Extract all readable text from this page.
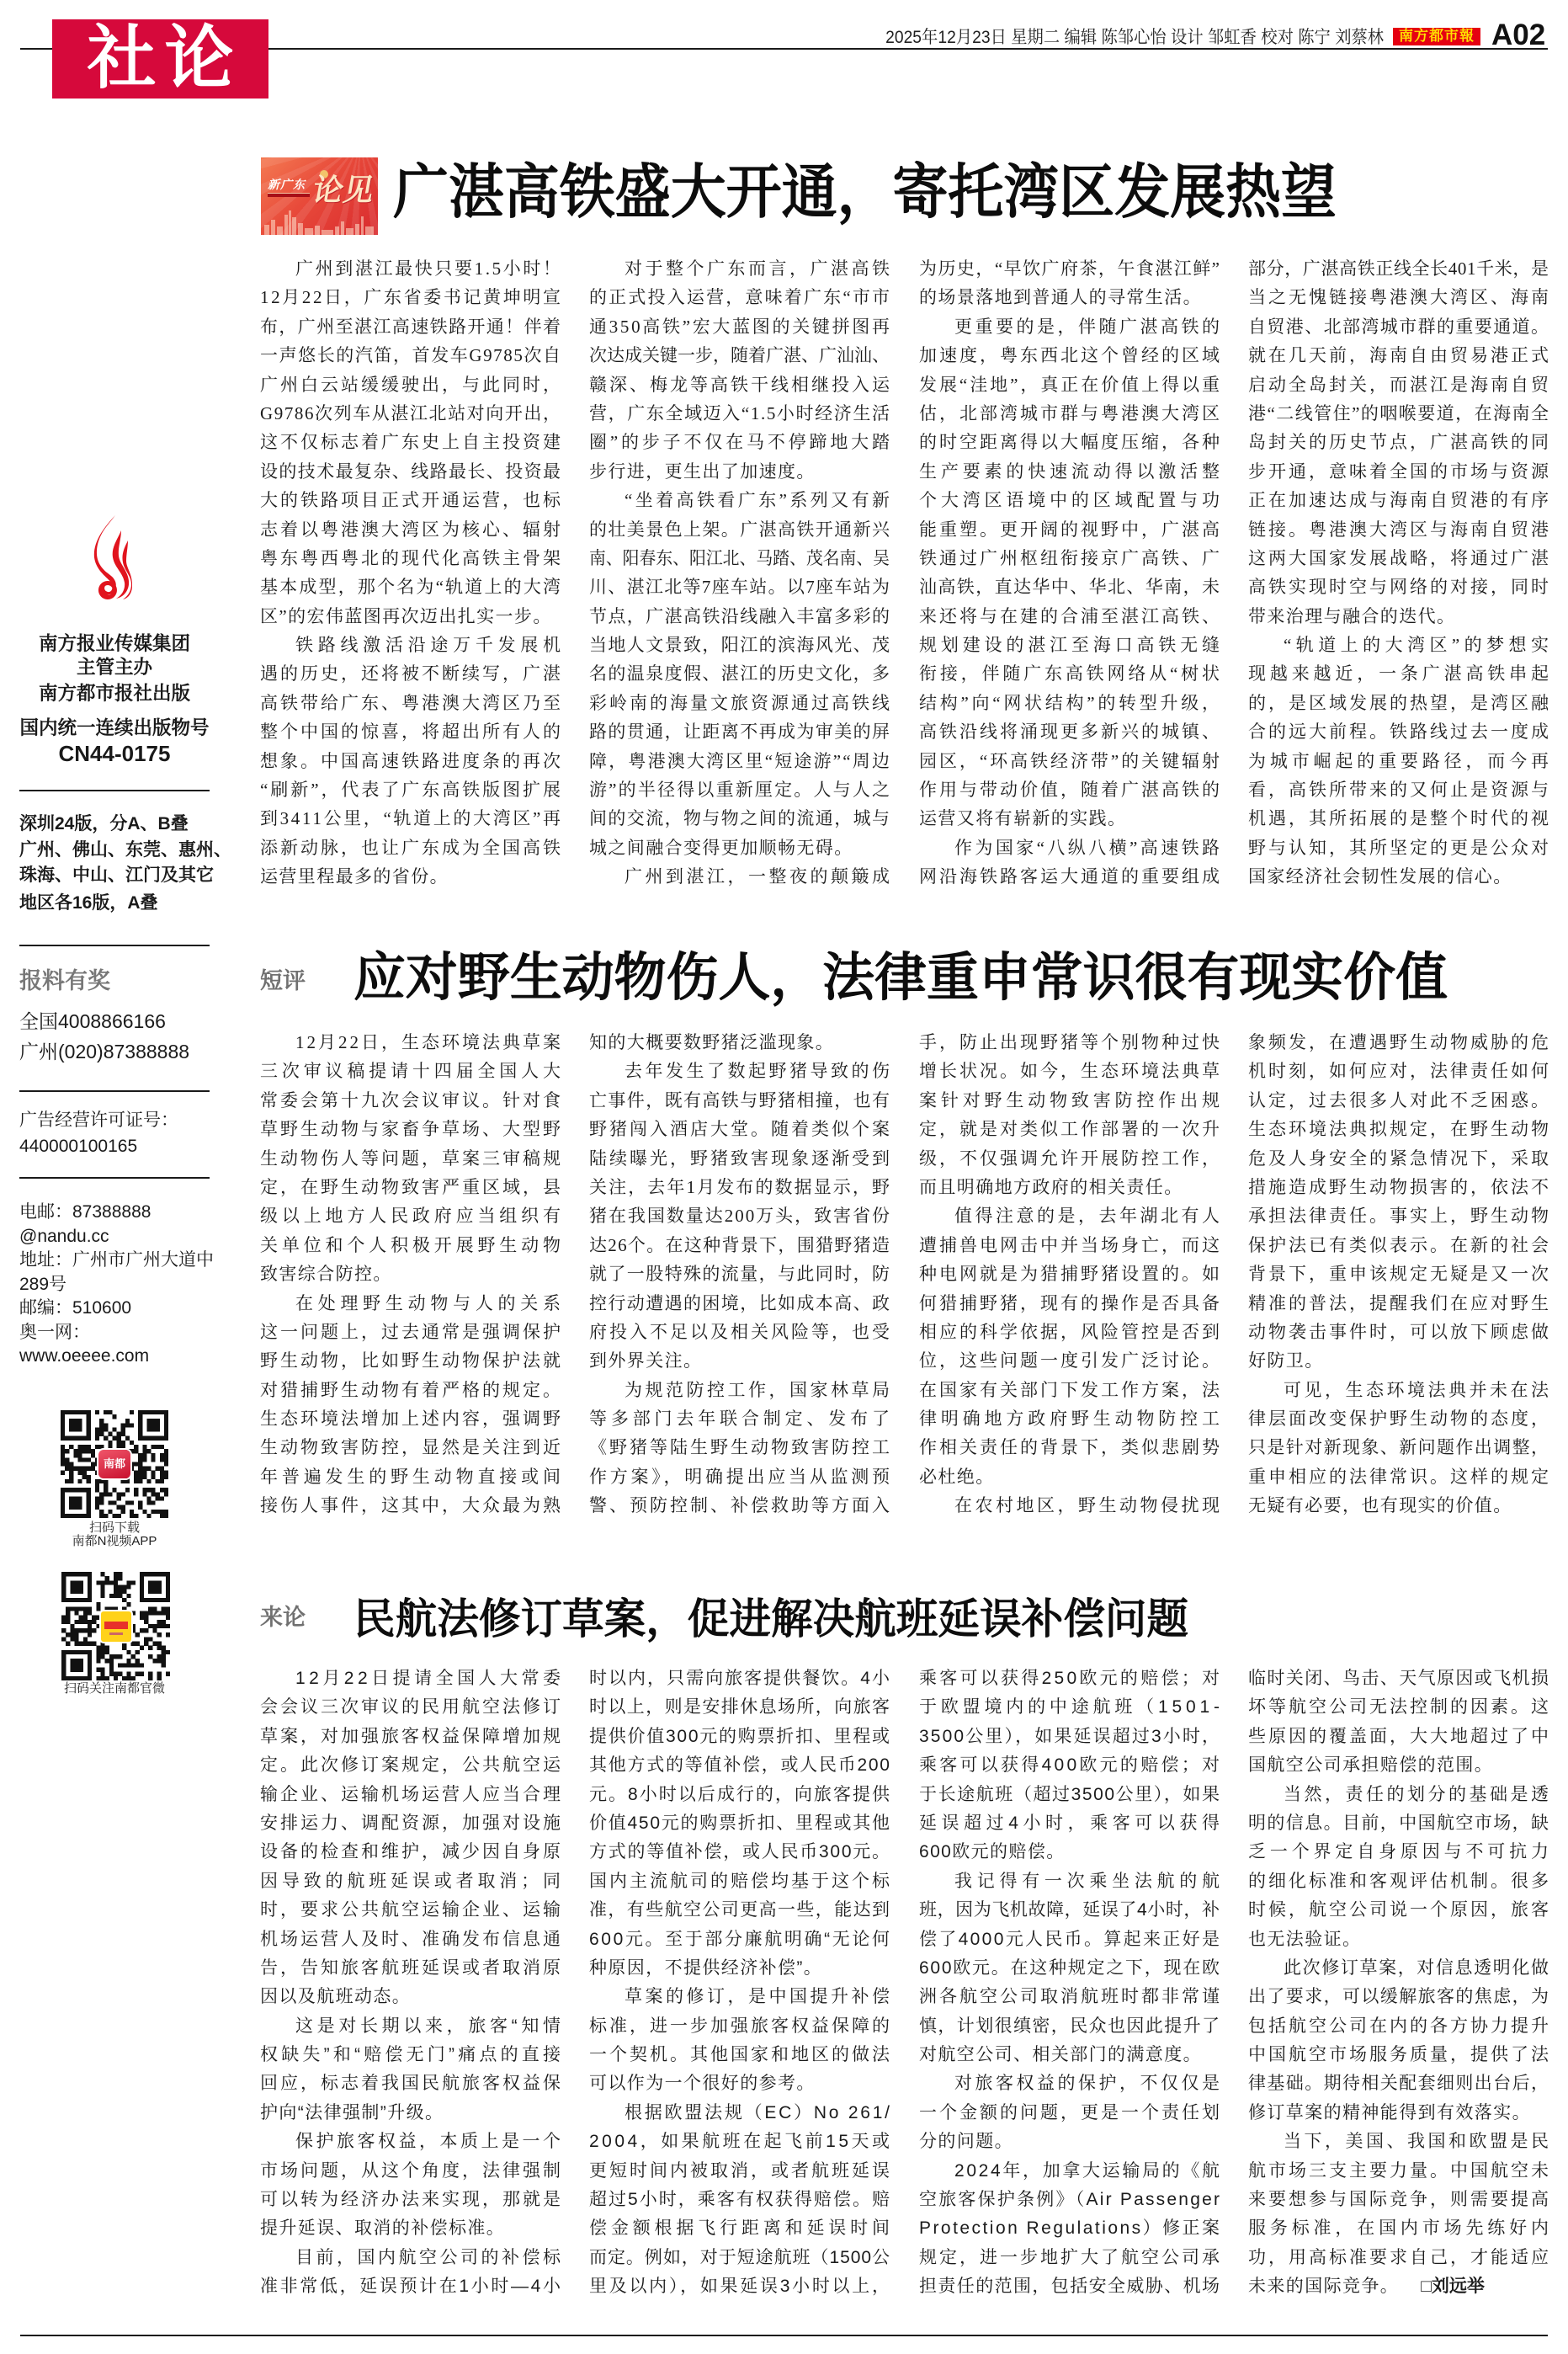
社论	2025年12月23日 星期二 编辑 陈邹心怡 设计 邹虹香 校对 陈宁 刘蔡林	南方都市報 A02
南方报业传媒集团
主管主办
南方都市报社出版
国内统一连续出版物号
CN44-0175
深圳24版，分A、B叠
广州、佛山、东莞、惠州、
珠海、中山、江门及其它
地区各16版，A叠
报料有奖
全国4008866166
广州(020)87388888
广告经营许可证号：
440000100165
电邮：87388888
@nandu.cc
地址：广州市广州大道中
289号
邮编：510600
奥一网：
www.oeeee.com
南都
扫码下载
南都N视频APP
扫码关注南都官微
新广东 论见 广湛高铁盛大开通，寄托湾区发展热望
广州到湛江最快只要1.5小时！
12月22日，广东省委书记黄坤明宣
布，广州至湛江高速铁路开通！伴着
一声悠长的汽笛，首发车G9785次自
广州白云站缓缓驶出，与此同时，
G9786次列车从湛江北站对向开出，
这不仅标志着广东史上自主投资建
设的技术最复杂、线路最长、投资最
大的铁路项目正式开通运营，也标
志着以粤港澳大湾区为核心、辐射
粤东粤西粤北的现代化高铁主骨架
基本成型，那个名为“轨道上的大湾
区”的宏伟蓝图再次迈出扎实一步。
铁路线激活沿途万千发展机
遇的历史，还将被不断续写，广湛
高铁带给广东、粤港澳大湾区乃至
整个中国的惊喜，将超出所有人的
想象。中国高速铁路进度条的再次
“刷新”，代表了广东高铁版图扩展
到3411公里，“轨道上的大湾区”再
添新动脉，也让广东成为全国高铁
运营里程最多的省份。
对于整个广东而言，广湛高铁
的正式投入运营，意味着广东“市市
通350高铁”宏大蓝图的关键拼图再
次达成关键一步，随着广湛、广汕汕、
赣深、梅龙等高铁干线相继投入运
营，广东全域迈入“1.5小时经济生活
圈”的步子不仅在马不停蹄地大踏
步行进，更生出了加速度。
“坐着高铁看广东”系列又有新
的壮美景色上架。广湛高铁开通新兴
南、阳春东、阳江北、马踏、茂名南、吴
川、湛江北等7座车站。以7座车站为
节点，广湛高铁沿线融入丰富多彩的
当地人文景致，阳江的滨海风光、茂
名的温泉度假、湛江的历史文化，多
彩岭南的海量文旅资源通过高铁线
路的贯通，让距离不再成为审美的屏
障，粤港澳大湾区里“短途游”“周边
游”的半径得以重新厘定。人与人之
间的交流，物与物之间的流通，城与
城之间融合变得更加顺畅无碍。
广州到湛江，一整夜的颠簸成
为历史，“早饮广府茶，午食湛江鲜”
的场景落地到普通人的寻常生活。
更重要的是，伴随广湛高铁的
加速度，粤东西北这个曾经的区域
发展“洼地”，真正在价值上得以重
估，北部湾城市群与粤港澳大湾区
的时空距离得以大幅度压缩，各种
生产要素的快速流动得以激活整
个大湾区语境中的区域配置与功
能重塑。更开阔的视野中，广湛高
铁通过广州枢纽衔接京广高铁、广
汕高铁，直达华中、华北、华南，未
来还将与在建的合浦至湛江高铁、
规划建设的湛江至海口高铁无缝
衔接，伴随广东高铁网络从“树状
结构”向“网状结构”的转型升级，
高铁沿线将涌现更多新兴的城镇、
园区，“环高铁经济带”的关键辐射
作用与带动价值，随着广湛高铁的
运营又将有崭新的实践。
作为国家“八纵八横”高速铁路
网沿海铁路客运大通道的重要组成
部分，广湛高铁正线全长401千米，是
当之无愧链接粤港澳大湾区、海南
自贸港、北部湾城市群的重要通道。
就在几天前，海南自由贸易港正式
启动全岛封关，而湛江是海南自贸
港“二线管住”的咽喉要道，在海南全
岛封关的历史节点，广湛高铁的同
步开通，意味着全国的市场与资源
正在加速达成与海南自贸港的有序
链接。粤港澳大湾区与海南自贸港
这两大国家发展战略，将通过广湛
高铁实现时空与网络的对接，同时
带来治理与融合的迭代。
“轨道上的大湾区”的梦想实
现越来越近，一条广湛高铁串起
的，是区域发展的热望，是湾区融
合的远大前程。铁路线过去一度成
为城市崛起的重要路径，而今再
看，高铁所带来的又何止是资源与
机遇，其所拓展的是整个时代的视
野与认知，其所坚定的更是公众对
国家经济社会韧性发展的信心。
短评 应对野生动物伤人，法律重申常识很有现实价值
12月22日，生态环境法典草案
三次审议稿提请十四届全国人大
常委会第十九次会议审议。针对食
草野生动物与家畜争草场、大型野
生动物伤人等问题，草案三审稿规
定，在野生动物致害严重区域，县
级以上地方人民政府应当组织有
关单位和个人积极开展野生动物
致害综合防控。
在处理野生动物与人的关系
这一问题上，过去通常是强调保护
野生动物，比如野生动物保护法就
对猎捕野生动物有着严格的规定。
生态环境法增加上述内容，强调野
生动物致害防控，显然是关注到近
年普遍发生的野生动物直接或间
接伤人事件，这其中，大众最为熟
知的大概要数野猪泛滥现象。
去年发生了数起野猪导致的伤
亡事件，既有高铁与野猪相撞，也有
野猪闯入酒店大堂。随着类似个案
陆续曝光，野猪致害现象逐渐受到
关注，去年1月发布的数据显示，野
猪在我国数量达200万头，致害省份
达26个。在这种背景下，围猎野猪造
就了一股特殊的流量，与此同时，防
控行动遭遇的困境，比如成本高、政
府投入不足以及相关风险等，也受
到外界关注。
为规范防控工作，国家林草局
等多部门去年联合制定、发布了
《野猪等陆生野生动物致害防控工
作方案》，明确提出应当从监测预
警、预防控制、补偿救助等方面入
手，防止出现野猪等个别物种过快
增长状况。如今，生态环境法典草
案针对野生动物致害防控作出规
定，就是对类似工作部署的一次升
级，不仅强调允许开展防控工作，
而且明确地方政府的相关责任。
值得注意的是，去年湖北有人
遭捕兽电网击中并当场身亡，而这
种电网就是为猎捕野猪设置的。如
何猎捕野猪，现有的操作是否具备
相应的科学依据，风险管控是否到
位，这些问题一度引发广泛讨论。
在国家有关部门下发工作方案，法
律明确地方政府野生动物防控工
作相关责任的背景下，类似悲剧势
必杜绝。
在农村地区，野生动物侵扰现
象频发，在遭遇野生动物威胁的危
机时刻，如何应对，法律责任如何
认定，过去很多人对此不乏困惑。
生态环境法典拟规定，在野生动物
危及人身安全的紧急情况下，采取
措施造成野生动物损害的，依法不
承担法律责任。事实上，野生动物
保护法已有类似表示。在新的社会
背景下，重申该规定无疑是又一次
精准的普法，提醒我们在应对野生
动物袭击事件时，可以放下顾虑做
好防卫。
可见，生态环境法典并未在法
律层面改变保护野生动物的态度，
只是针对新现象、新问题作出调整，
重申相应的法律常识。这样的规定
无疑有必要，也有现实的价值。
来论 民航法修订草案，促进解决航班延误补偿问题
12月22日提请全国人大常委
会会议三次审议的民用航空法修订
草案，对加强旅客权益保障增加规
定。此次修订案规定，公共航空运
输企业、运输机场运营人应当合理
安排运力、调配资源，加强对设施
设备的检查和维护，减少因自身原
因导致的航班延误或者取消；同
时，要求公共航空运输企业、运输
机场运营人及时、准确发布信息通
告，告知旅客航班延误或者取消原
因以及航班动态。
这是对长期以来，旅客“知情
权缺失”和“赔偿无门”痛点的直接
回应，标志着我国民航旅客权益保
护向“法律强制”升级。
保护旅客权益，本质上是一个
市场问题，从这个角度，法律强制
可以转为经济办法来实现，那就是
提升延误、取消的补偿标准。
目前，国内航空公司的补偿标
准非常低，延误预计在1小时—4小
时以内，只需向旅客提供餐饮。4小
时以上，则是安排休息场所，向旅客
提供价值300元的购票折扣、里程或
其他方式的等值补偿，或人民币200
元。8小时以后成行的，向旅客提供
价值450元的购票折扣、里程或其他
方式的等值补偿，或人民币300元。
国内主流航司的赔偿均基于这个标
准，有些航空公司更高一些，能达到
600元。至于部分廉航明确“无论何
种原因，不提供经济补偿”。
草案的修订，是中国提升补偿
标准，进一步加强旅客权益保障的
一个契机。其他国家和地区的做法
可以作为一个很好的参考。
根据欧盟法规（EC）No 261/
2004，如果航班在起飞前15天或
更短时间内被取消，或者航班延误
超过5小时，乘客有权获得赔偿。赔
偿金额根据飞行距离和延误时间
而定。例如，对于短途航班（1500公
里及以内），如果延误3小时以上，
乘客可以获得250欧元的赔偿；对
于欧盟境内的中途航班（1501-
3500公里），如果延误超过3小时，
乘客可以获得400欧元的赔偿；对
于长途航班（超过3500公里），如果
延误超过4小时，乘客可以获得
600欧元的赔偿。
我记得有一次乘坐法航的航
班，因为飞机故障，延误了4小时，补
偿了4000元人民币。算起来正好是
600欧元。在这种规定之下，现在欧
洲各航空公司取消航班时都非常谨
慎，计划很缜密，民众也因此提升了
对航空公司、相关部门的满意度。
对旅客权益的保护，不仅仅是
一个金额的问题，更是一个责任划
分的问题。
2024年，加拿大运输局的《航
空旅客保护条例》（Air Passenger
Protection Regulations）修正案
规定，进一步地扩大了航空公司承
担责任的范围，包括安全威胁、机场
临时关闭、鸟击、天气原因或飞机损
坏等航空公司无法控制的因素。这
些原因的覆盖面，大大地超过了中
国航空公司承担赔偿的范围。
当然，责任的划分的基础是透
明的信息。目前，中国航空市场，缺
乏一个界定自身原因与不可抗力
的细化标准和客观评估机制。很多
时候，航空公司说一个原因，旅客
也无法验证。
此次修订草案，对信息透明化做
出了要求，可以缓解旅客的焦虑，为
包括航空公司在内的各方协力提升
中国航空市场服务质量，提供了法
律基础。期待相关配套细则出台后，
修订草案的精神能得到有效落实。
当下，美国、我国和欧盟是民
航市场三支主要力量。中国航空未
来要想参与国际竞争，则需要提高
服务标准，在国内市场先练好内
功，用高标准要求自己，才能适应
未来的国际竞争。 □刘远举
